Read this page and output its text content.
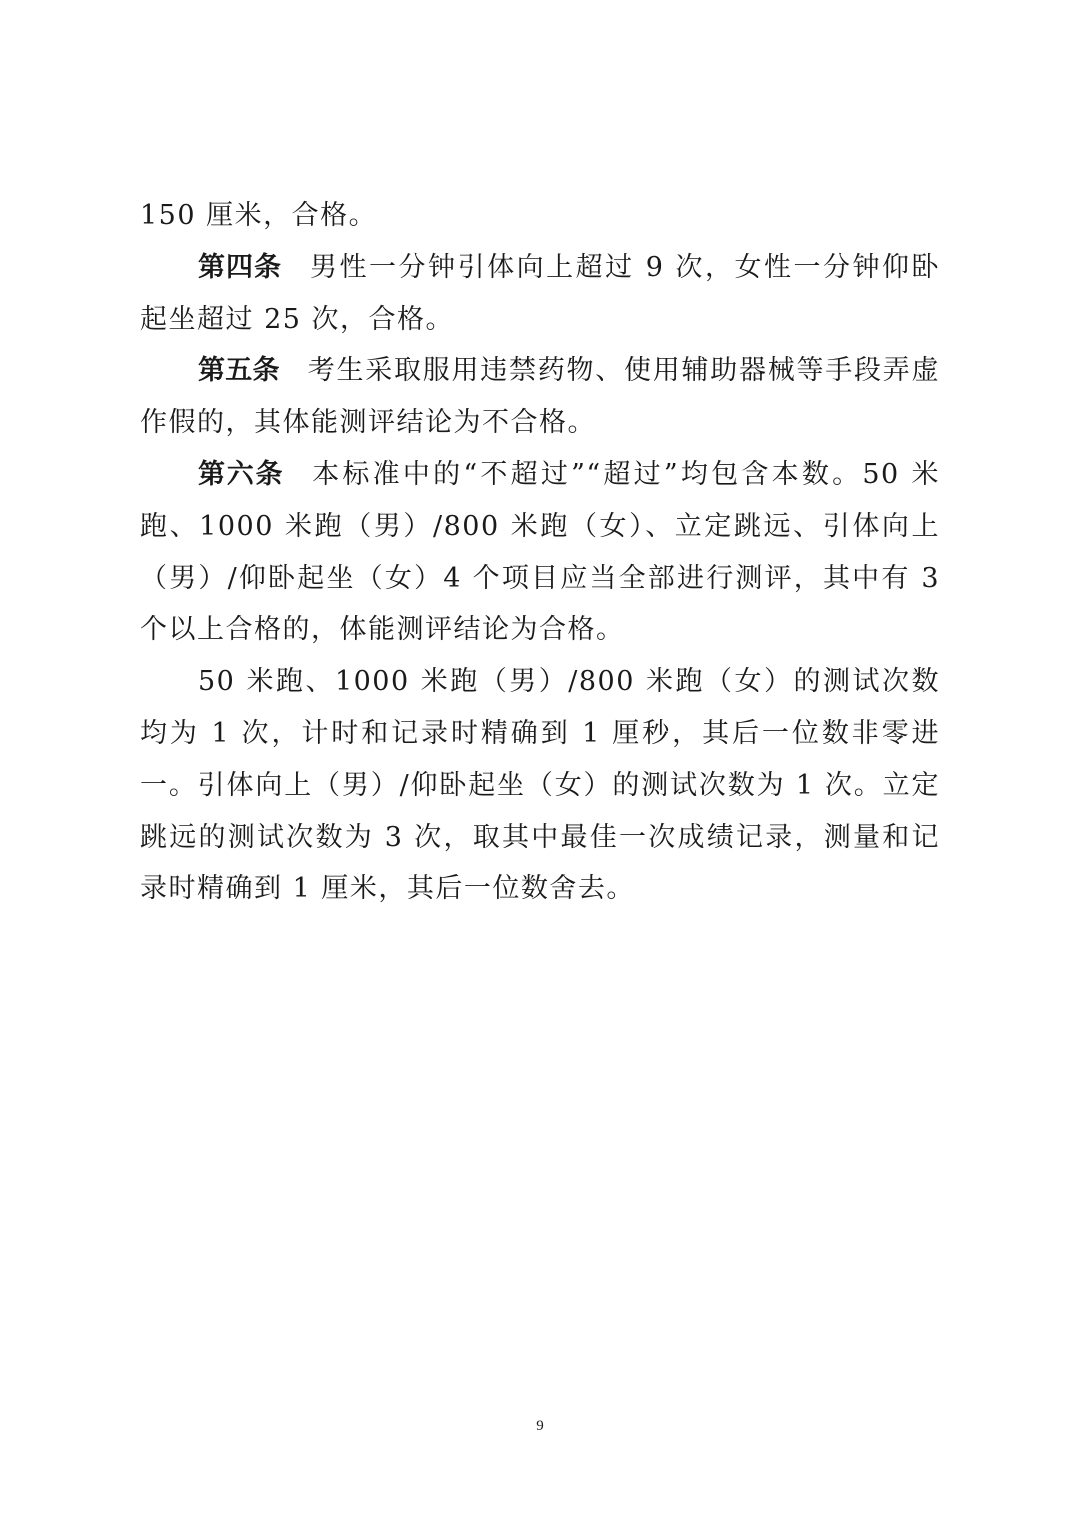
150 厘米，合格。

第四条 男性一分钟引体向上超过 9 次，女性一分钟仰卧起坐超过 25 次，合格。

第五条 考生采取服用违禁药物、使用辅助器械等手段弄虚作假的，其体能测评结论为不合格。

第六条 本标准中的“不超过”“超过”均包含本数。50 米跑、1000 米跑（男）/800 米跑（女）、立定跳远、引体向上（男）/仰卧起坐（女）4 个项目应当全部进行测评，其中有 3 个以上合格的，体能测评结论为合格。

50 米跑、1000 米跑（男）/800 米跑（女）的测试次数均为 1 次，计时和记录时精确到 1 厘秒，其后一位数非零进一。引体向上（男）/仰卧起坐（女）的测试次数为 1 次。立定跳远的测试次数为 3 次，取其中最佳一次成绩记录，测量和记录时精确到 1 厘米，其后一位数舍去。

9
